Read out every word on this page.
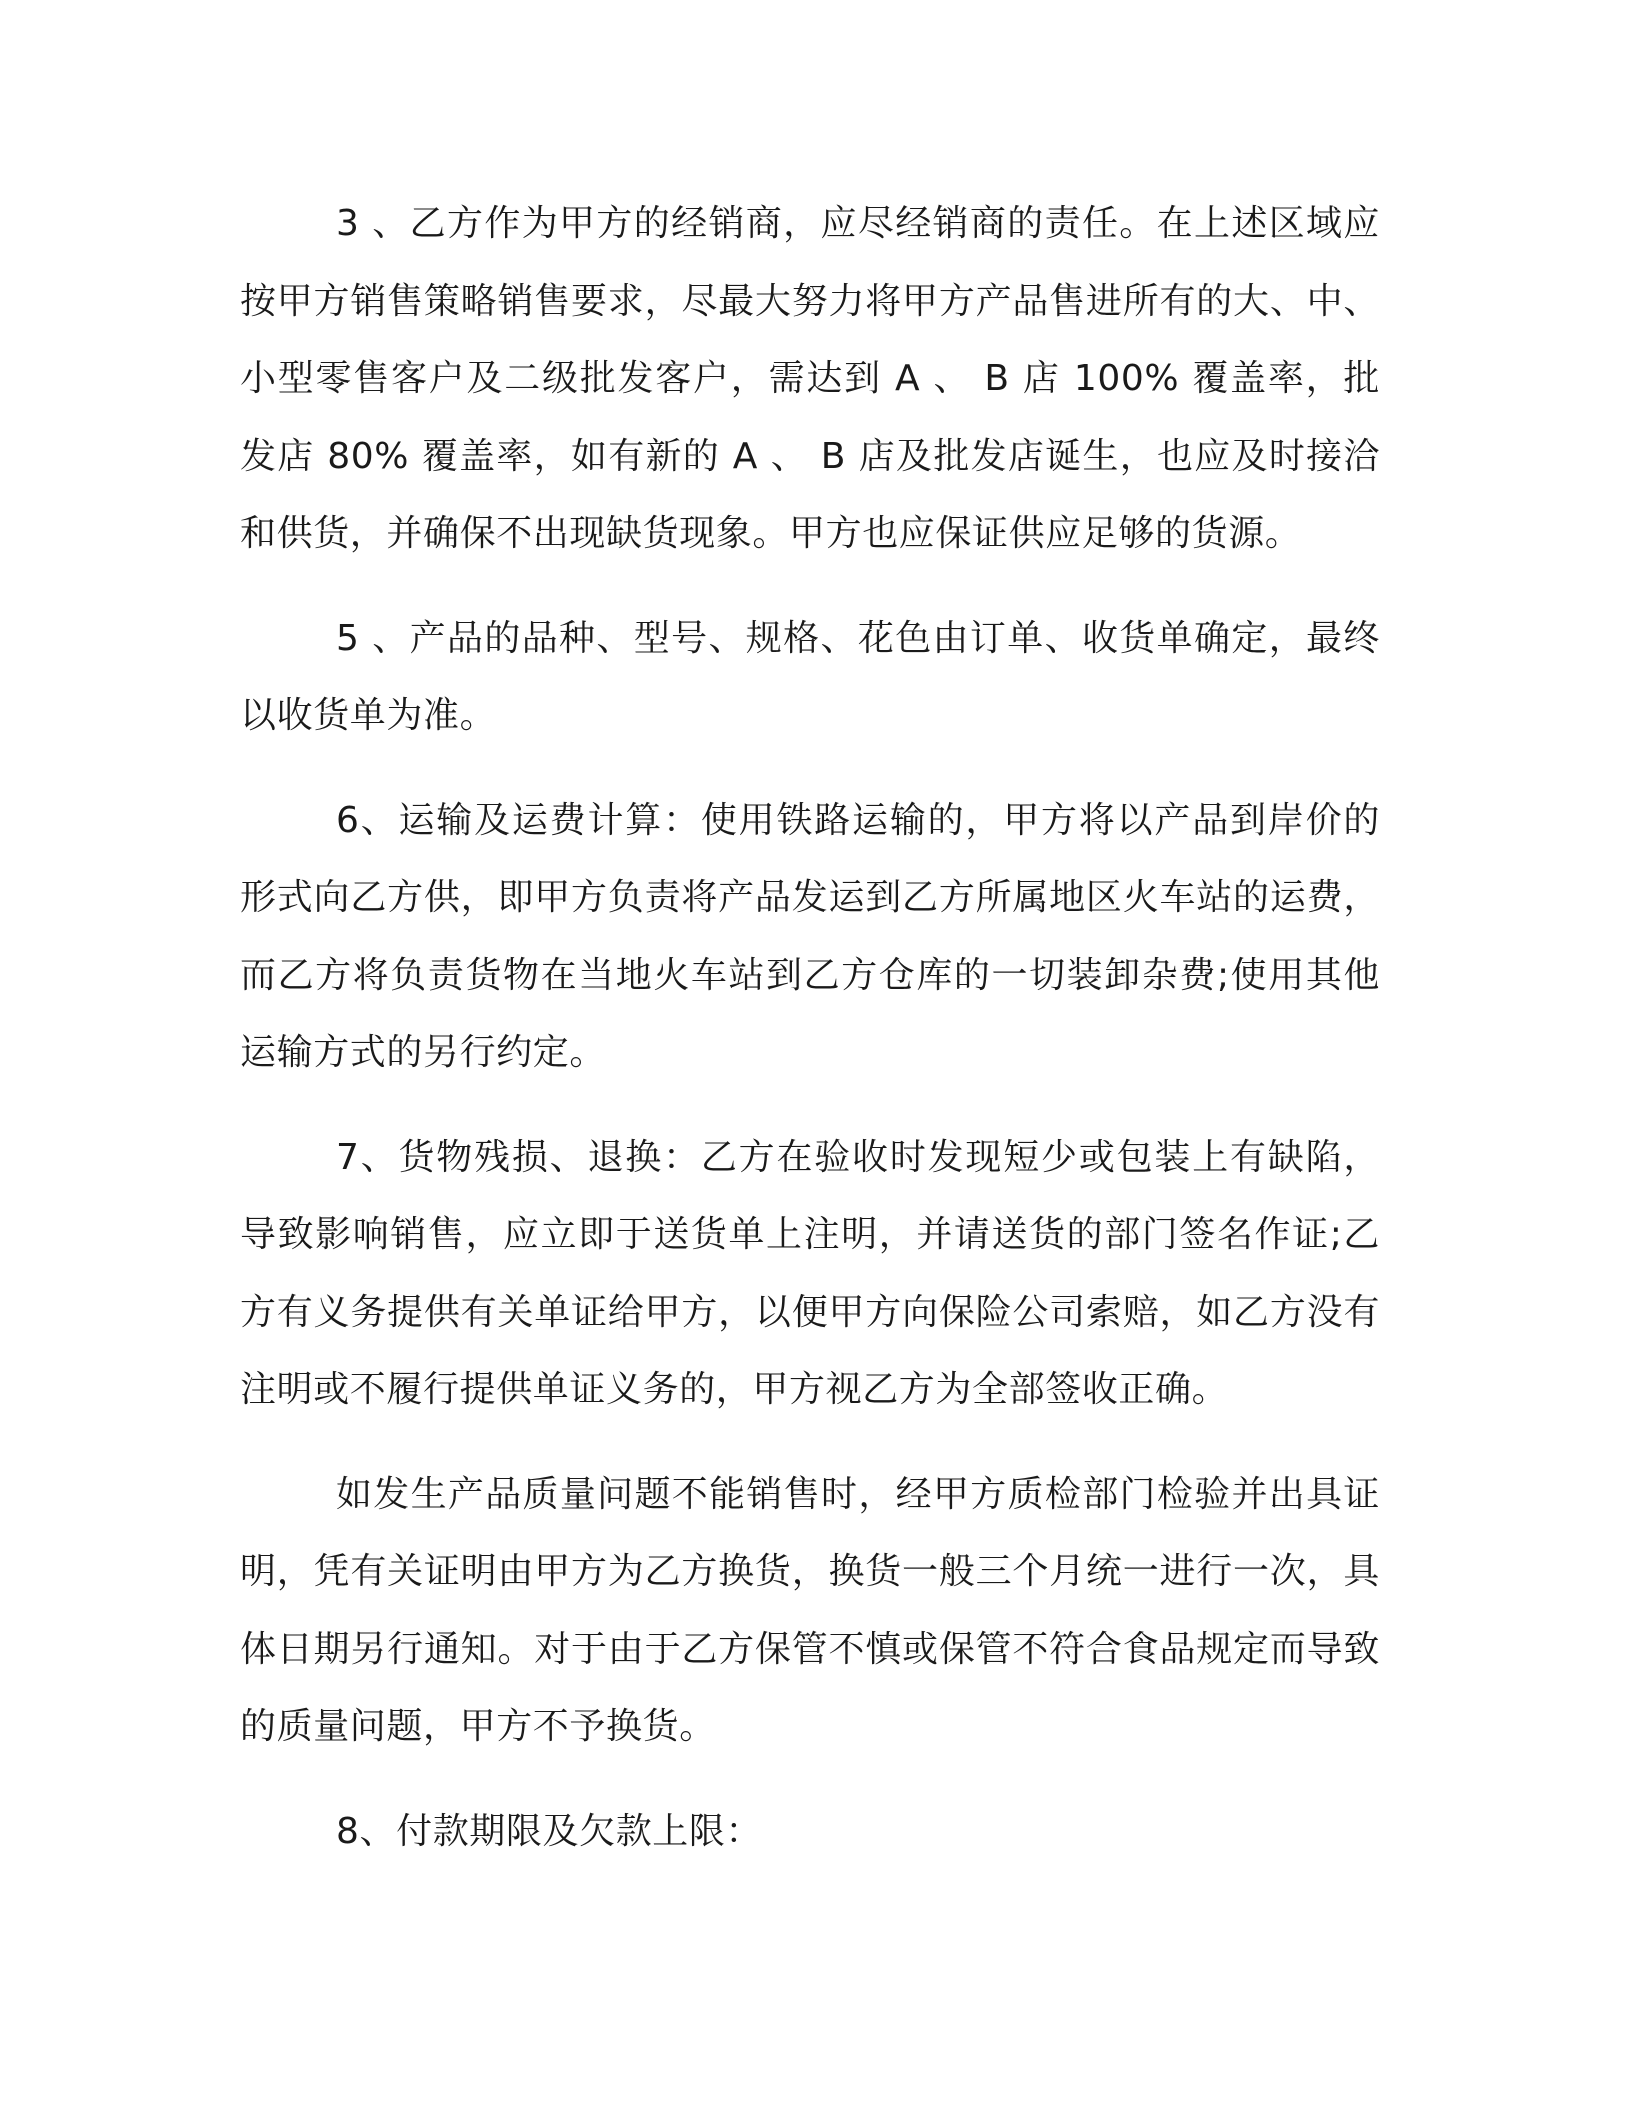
3 、乙方作为甲方的经销商，应尽经销商的责任。在上述区域应按甲方销售策略销售要求，尽最大努力将甲方产品售进所有的大、中、小型零售客户及二级批发客户，需达到 A 、 B 店 100% 覆盖率，批发店 80% 覆盖率，如有新的 A 、 B 店及批发店诞生，也应及时接洽和供货，并确保不出现缺货现象。甲方也应保证供应足够的货源。

5 、产品的品种、型号、规格、花色由订单、收货单确定，最终以收货单为准。

6、运输及运费计算：使用铁路运输的，甲方将以产品到岸价的形式向乙方供，即甲方负责将产品发运到乙方所属地区火车站的运费，而乙方将负责货物在当地火车站到乙方仓库的一切装卸杂费;使用其他运输方式的另行约定。

7、货物残损、退换：乙方在验收时发现短少或包装上有缺陷，导致影响销售，应立即于送货单上注明，并请送货的部门签名作证;乙方有义务提供有关单证给甲方，以便甲方向保险公司索赔，如乙方没有注明或不履行提供单证义务的，甲方视乙方为全部签收正确。

如发生产品质量问题不能销售时，经甲方质检部门检验并出具证明，凭有关证明由甲方为乙方换货，换货一般三个月统一进行一次，具体日期另行通知。对于由于乙方保管不慎或保管不符合食品规定而导致的质量问题，甲方不予换货。

8、付款期限及欠款上限：
